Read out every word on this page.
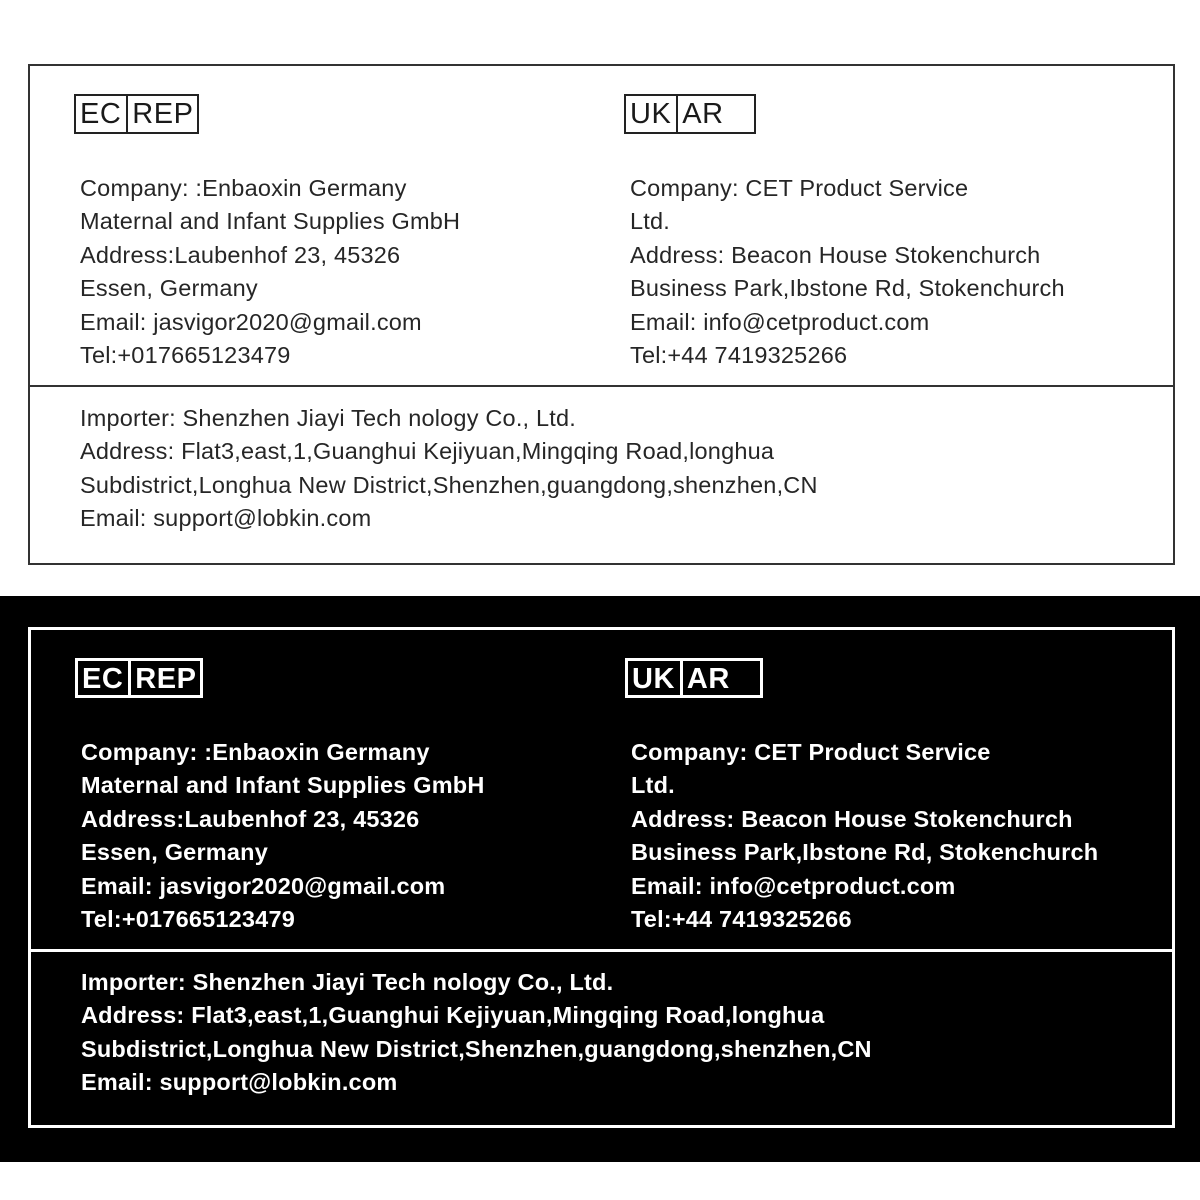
EC REP
Company: :Enbaoxin Germany
Maternal and Infant Supplies GmbH
Address:Laubenhof 23, 45326
Essen, Germany
Email: jasvigor2020@gmail.com
Tel:+017665123479
UK AR
Company: CET Product Service
Ltd.
Address: Beacon House Stokenchurch
Business Park,Ibstone Rd, Stokenchurch
Email: info@cetproduct.com
Tel:+44 7419325266
Importer: Shenzhen Jiayi Tech nology Co., Ltd.
Address: Flat3,east,1,Guanghui Kejiyuan,Mingqing Road,longhua
Subdistrict,Longhua New District,Shenzhen,guangdong,shenzhen,CN
Email: support@lobkin.com
EC REP
Company: :Enbaoxin Germany
Maternal and Infant Supplies GmbH
Address:Laubenhof 23, 45326
Essen, Germany
Email: jasvigor2020@gmail.com
Tel:+017665123479
UK AR
Company: CET Product Service
Ltd.
Address: Beacon House Stokenchurch
Business Park,Ibstone Rd, Stokenchurch
Email: info@cetproduct.com
Tel:+44 7419325266
Importer: Shenzhen Jiayi Tech nology Co., Ltd.
Address: Flat3,east,1,Guanghui Kejiyuan,Mingqing Road,longhua
Subdistrict,Longhua New District,Shenzhen,guangdong,shenzhen,CN
Email: support@lobkin.com
